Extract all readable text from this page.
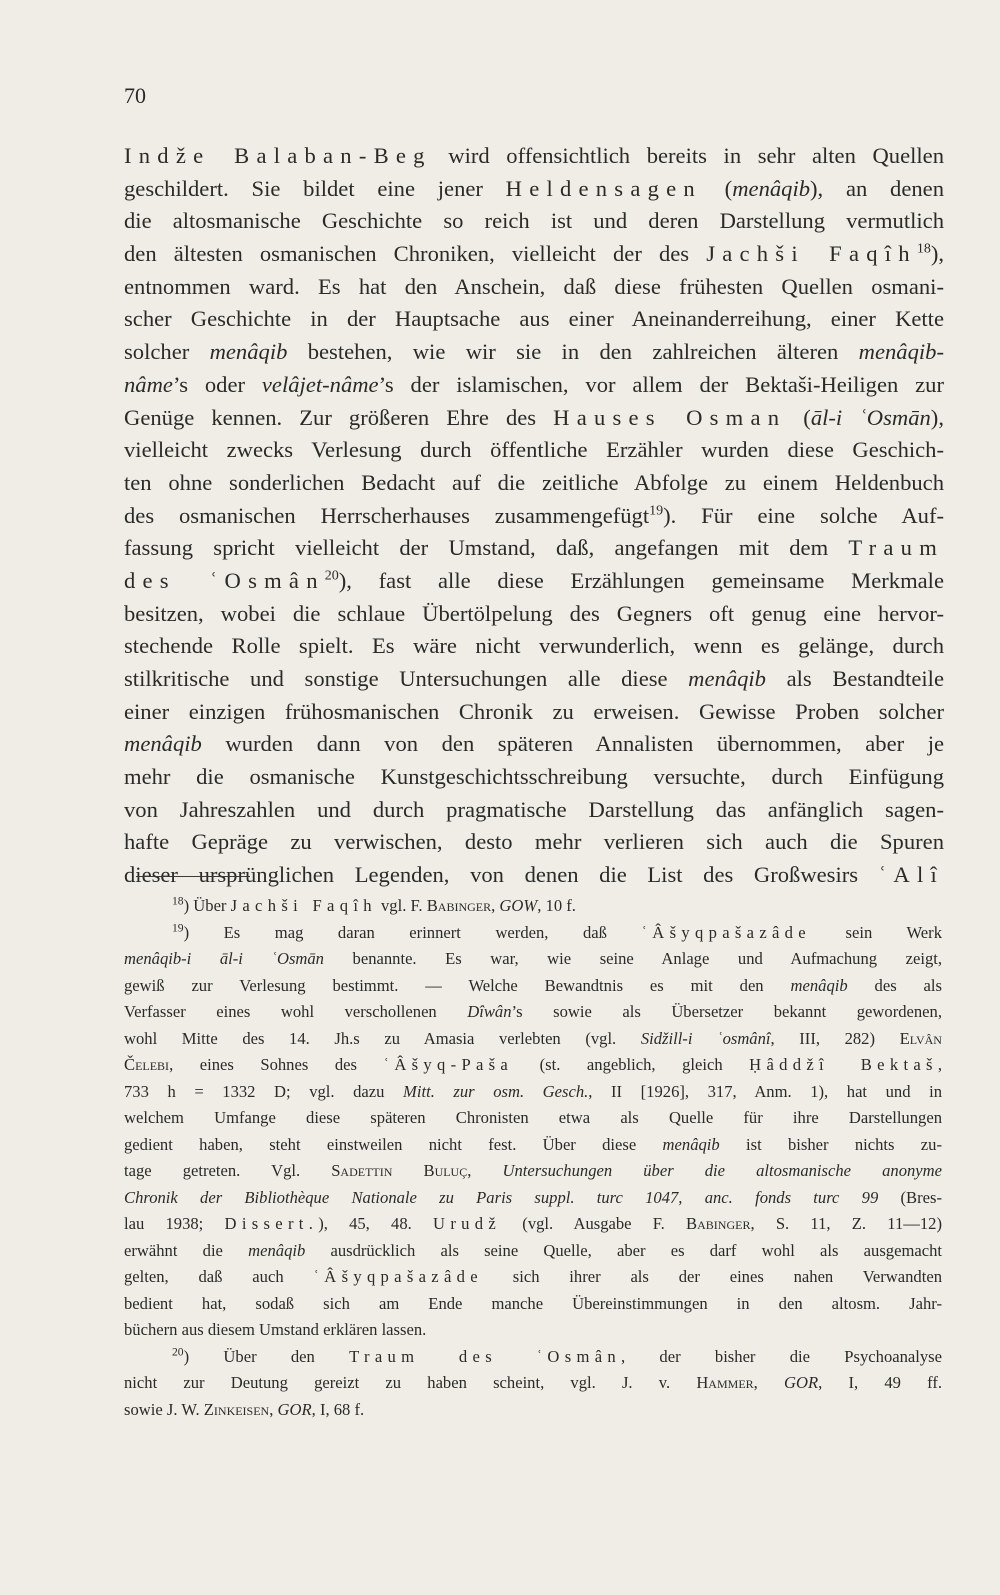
70
Indže Balaban-Beg wird offensichtlich bereits in sehr alten Quellen
geschildert. Sie bildet eine jener Heldensagen (menâqib), an denen
die altosmanische Geschichte so reich ist und deren Darstellung vermutlich
den ältesten osmanischen Chroniken, vielleicht der des Jachši Faqîh$^{18}$),
entnommen ward. Es hat den Anschein, daß diese frühesten Quellen osmani-
scher Geschichte in der Hauptsache aus einer Aneinanderreihung, einer Kette
solcher menâqib bestehen, wie wir sie in den zahlreichen älteren menâqib-
nâme’s oder velâjet-nâme’s der islamischen, vor allem der Bektaši-Heiligen zur
Genüge kennen. Zur größeren Ehre des Hauses Osman (āl-i ʿOsmān),
vielleicht zwecks Verlesung durch öffentliche Erzähler wurden diese Geschich-
ten ohne sonderlichen Bedacht auf die zeitliche Abfolge zu einem Heldenbuch
des osmanischen Herrscherhauses zusammengefügt$^{19}$). Für eine solche Auf-
fassung spricht vielleicht der Umstand, daß, angefangen mit dem Traum
des ʿOsmân$^{20}$), fast alle diese Erzählungen gemeinsame Merkmale
besitzen, wobei die schlaue Übertölpelung des Gegners oft genug eine hervor-
stechende Rolle spielt. Es wäre nicht verwunderlich, wenn es gelänge, durch
stilkritische und sonstige Untersuchungen alle diese menâqib als Bestandteile
einer einzigen frühosmanischen Chronik zu erweisen. Gewisse Proben solcher
menâqib wurden dann von den späteren Annalisten übernommen, aber je
mehr die osmanische Kunstgeschichtsschreibung versuchte, durch Einfügung
von Jahreszahlen und durch pragmatische Darstellung das anfänglich sagen-
hafte Gepräge zu verwischen, desto mehr verlieren sich auch die Spuren
dieser ursprünglichen Legenden, von denen die List des Großwesirs ʿAlî
$^{18}$) Über Jachši Faqîh vgl. F. Babinger, GOW, 10 f.
$^{19}$) Es mag daran erinnert werden, daß ʿÂšyqpašazâde sein Werk
menâqib-i āl-i ʿOsmān benannte. Es war, wie seine Anlage und Aufmachung zeigt,
gewiß zur Verlesung bestimmt. — Welche Bewandtnis es mit den menâqib des als
Verfasser eines wohl verschollenen Dîwân’s sowie als Übersetzer bekannt gewordenen,
wohl Mitte des 14. Jh.s zu Amasia verlebten (vgl. Sidžill-i ʿosmânî, III, 282) Elvân
Čelebi, eines Sohnes des ʿÂšyq-Paša (st. angeblich, gleich Ḥâddžî Bektaš,
733 h = 1332 D; vgl. dazu Mitt. zur osm. Gesch., II [1926], 317, Anm. 1), hat und in
welchem Umfange diese späteren Chronisten etwa als Quelle für ihre Darstellungen
gedient haben, steht einstweilen nicht fest. Über diese menâqib ist bisher nichts zu-
tage getreten. Vgl. Sadettin Buluç, Untersuchungen über die altosmanische anonyme
Chronik der Bibliothèque Nationale zu Paris suppl. turc 1047, anc. fonds turc 99 (Bres-
lau 1938; Dissert.), 45, 48. Urudž (vgl. Ausgabe F. Babinger, S. 11, Z. 11—12)
erwähnt die menâqib ausdrücklich als seine Quelle, aber es darf wohl als ausgemacht
gelten, daß auch ʿÂšyqpašazâde sich ihrer als der eines nahen Verwandten
bedient hat, sodaß sich am Ende manche Übereinstimmungen in den altosm. Jahr-
büchern aus diesem Umstand erklären lassen.
$^{20}$) Über den Traum des ʿOsmân, der bisher die Psychoanalyse
nicht zur Deutung gereizt zu haben scheint, vgl. J. v. Hammer, GOR, I, 49 ff.
sowie J. W. Zinkeisen, GOR, I, 68 f.
